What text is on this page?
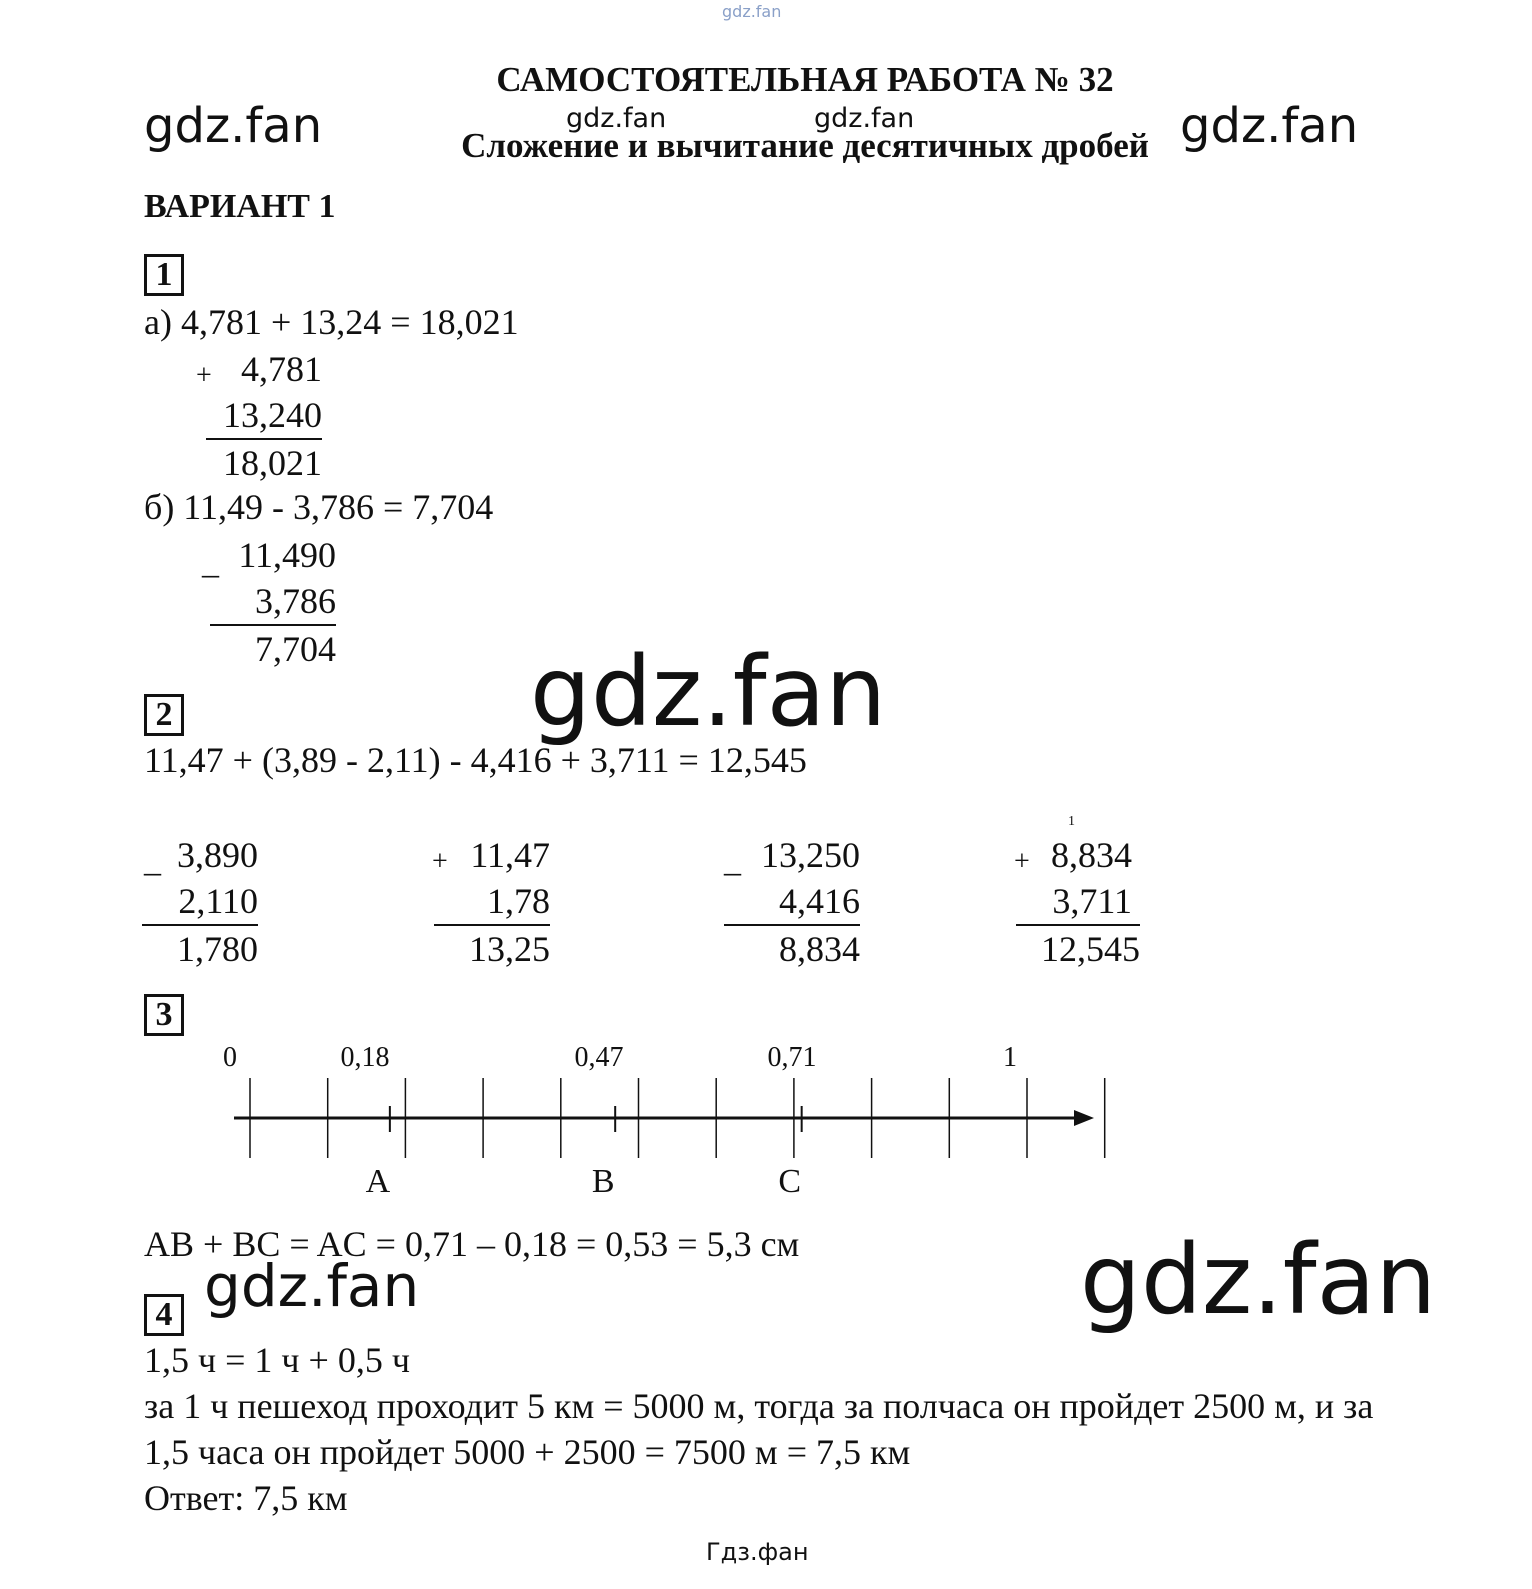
gdz.fan
gdz.fan	gdz.fan	gdz.fan	gdz.fan
САМОСТОЯТЕЛЬНАЯ РАБОТА № 32
Сложение и вычитание десятичных дробей
ВАРИАНТ 1
1
а) 4,781 + 13,24 = 18,021
+ 4,781
13,240
18,021
б) 11,49 - 3,786 = 7,704
_ 11,490
3,786
7,704 gdz.fan
2
11,47 + (3,89 - 2,11) - 4,416 + 3,711 = 12,545
1
_ 3,890
2,110
1,780
+ 11,47
1,78
13,25
_ 13,250
4,416
8,834
+ 8,834
3,711
12,545
3
0	0,18	0,47	0,71	1
A	B	C
AB + BC = AC = 0,71 – 0,18 = 0,53 = 5,3 см
gdz.fan	gdz.fan
4
1,5 ч = 1 ч + 0,5 ч
за 1 ч пешеход проходит 5 км = 5000 м, тогда за полчаса он пройдет 2500 м, и за
1,5 часа он пройдет 5000 + 2500 = 7500 м = 7,5 км
Ответ: 7,5 км
Гдз.фан
